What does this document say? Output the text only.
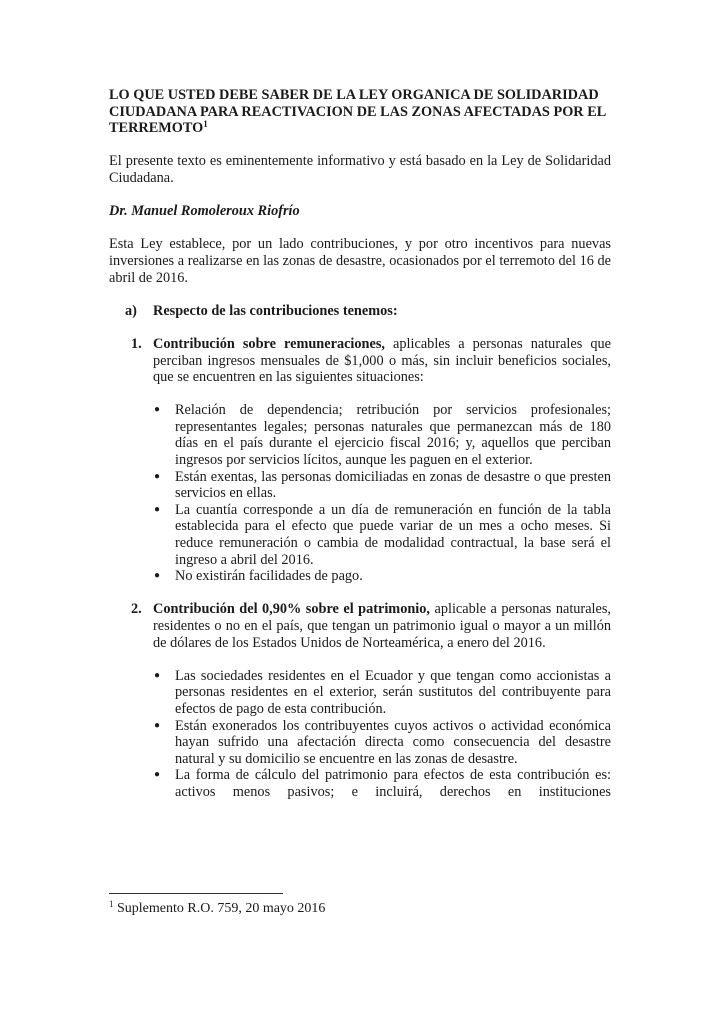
LO QUE USTED DEBE SABER DE LA LEY ORGANICA DE SOLIDARIDAD CIUDADANA PARA REACTIVACION DE LAS ZONAS AFECTADAS POR EL TERREMOTO$^1$

El presente texto es eminentemente informativo y está basado en la Ley de Solidaridad Ciudadana.

Dr. Manuel Romoleroux Riofrío

Esta Ley establece, por un lado contribuciones, y por otro incentivos para nuevas inversiones a realizarse en las zonas de desastre, ocasionados por el terremoto del 16 de abril de 2016.

a)	Respecto de las contribuciones tenemos:
1. Contribución sobre remuneraciones, aplicables a personas naturales que perciban ingresos mensuales de $1,000 o más, sin incluir beneficios sociales, que se encuentren en las siguientes situaciones:

●	Relación de dependencia; retribución por servicios profesionales; representantes legales; personas naturales que permanezcan más de 180 días en el país durante el ejercicio fiscal 2016; y, aquellos que perciban ingresos por servicios lícitos, aunque les paguen en el exterior.
●	Están exentas, las personas domiciliadas en zonas de desastre o que presten servicios en ellas.
●	La cuantía corresponde a un día de remuneración en función de la tabla establecida para el efecto que puede variar de un mes a ocho meses. Si reduce remuneración o cambia de modalidad contractual, la base será el ingreso a abril del 2016.
●	No existirán facilidades de pago.
2. Contribución del 0,90% sobre el patrimonio, aplicable a personas naturales, residentes o no en el país, que tengan un patrimonio igual o mayor a un millón de dólares de los Estados Unidos de Norteamérica, a enero del 2016.

●	Las sociedades residentes en el Ecuador y que tengan como accionistas a personas residentes en el exterior, serán sustitutos del contribuyente para efectos de pago de esta contribución.
●	Están exonerados los contribuyentes cuyos activos o actividad económica hayan sufrido una afectación directa como consecuencia del desastre natural y su domicilio se encuentre en las zonas de desastre.
●	La forma de cálculo del patrimonio para efectos de esta contribución es: activos menos pasivos; e incluirá, derechos en instituciones

$^1$ Suplemento R.O. 759, 20 mayo 2016
